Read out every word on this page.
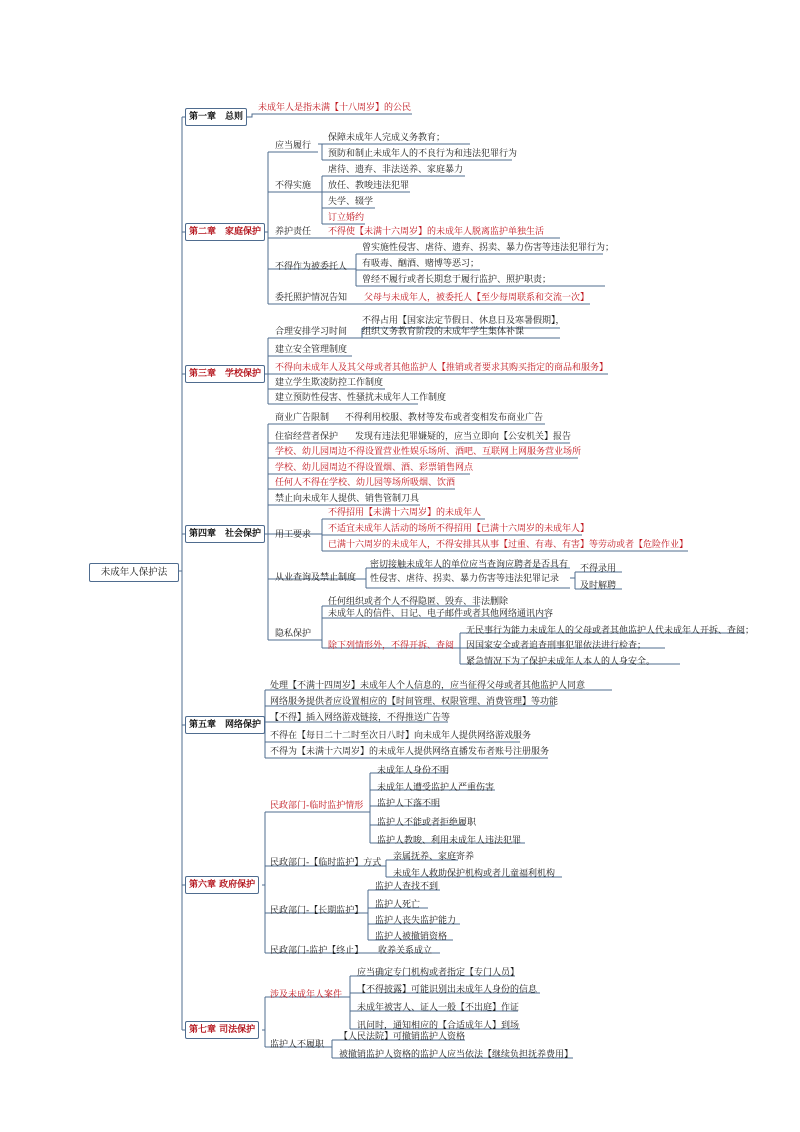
未成年人保护法
第一章　总则
第二章　家庭保护
第三章　学校保护
第四章　社会保护
第五章　网络保护
第六章 政府保护
第七章 司法保护
未成年人是指未满【十八周岁】的公民
应当履行
保障未成年人完成义务教育；
预防和制止未成年人的不良行为和违法犯罪行为
不得实施
虐待、遗弃、非法送养、家庭暴力
放任、教唆违法犯罪
失学、辍学
订立婚约
养护责任 不得使【未满十六周岁】的未成年人脱离监护单独生活
不得作为被委托人
曾实施性侵害、虐待、遗弃、拐卖、暴力伤害等违法犯罪行为；
有吸毒、酗酒、赌博等恶习；
曾经不履行或者长期怠于履行监护、照护职责；
委托照护情况告知 父母与未成年人，被委托人【至少每周联系和交流一次】
合理安排学习时间
不得占用【国家法定节假日、休息日及寒暑假期】，
组织义务教育阶段的未成年学生集体补课
建立安全管理制度
不得向未成年人及其父母或者其他监护人【推销或者要求其购买指定的商品和服务】
建立学生欺凌防控工作制度
建立预防性侵害、性骚扰未成年人工作制度
商业广告限制 不得利用校服、教材等发布或者变相发布商业广告
住宿经营者保护 发现有违法犯罪嫌疑的，应当立即向【公安机关】报告
学校、幼儿园周边不得设置营业性娱乐场所、酒吧、互联网上网服务营业场所
学校、幼儿园周边不得设置烟、酒、彩票销售网点
任何人不得在学校、幼儿园等场所吸烟、饮酒
禁止向未成年人提供、销售管制刀具
用工要求
不得招用【未满十六周岁】的未成年人
不适宜未成年人活动的场所不得招用【已满十六周岁的未成年人】
已满十六周岁的未成年人，不得安排其从事【过重、有毒、有害】等劳动或者【危险作业】
从业查询及禁止制度
密切接触未成年人的单位应当查询应聘者是否具有
性侵害、虐待、拐卖、暴力伤害等违法犯罪记录
不得录用
及时解聘
隐私保护
任何组织或者个人不得隐匿、毁弃、非法删除
未成年人的信件、日记、电子邮件或者其他网络通讯内容
除下列情形外，不得开拆、查阅
无民事行为能力未成年人的父母或者其他监护人代未成年人开拆、查阅；
因国家安全或者追查刑事犯罪依法进行检查；
紧急情况下为了保护未成年人本人的人身安全。
处理【不满十四周岁】未成年人个人信息的，应当征得父母或者其他监护人同意
网络服务提供者应设置相应的【时间管理、权限管理、消费管理】等功能
【不得】插入网络游戏链接，不得推送广告等
不得在【每日二十二时至次日八时】向未成年人提供网络游戏服务
不得为【未满十六周岁】的未成年人提供网络直播发布者账号注册服务
民政部门-临时监护情形
未成年人身份不明
未成年人遭受监护人严重伤害
监护人下落不明
监护人不能或者拒绝履职
监护人教唆、利用未成年人违法犯罪
民政部门-【临时监护】方式
亲属抚养、家庭寄养
未成年人救助保护机构或者儿童福利机构
民政部门-【长期监护】
监护人查找不到
监护人死亡
监护人丧失监护能力
监护人被撤销资格
民政部门-监护【终止】 收养关系成立
涉及未成年人案件
应当确定专门机构或者指定【专门人员】
【不得披露】可能识别出未成年人身份的信息
未成年被害人、证人一般【不出庭】作证
讯问时，通知相应的【合适成年人】到场
监护人不履职
【人民法院】可撤销监护人资格
被撤销监护人资格的监护人应当依法【继续负担抚养费用】
